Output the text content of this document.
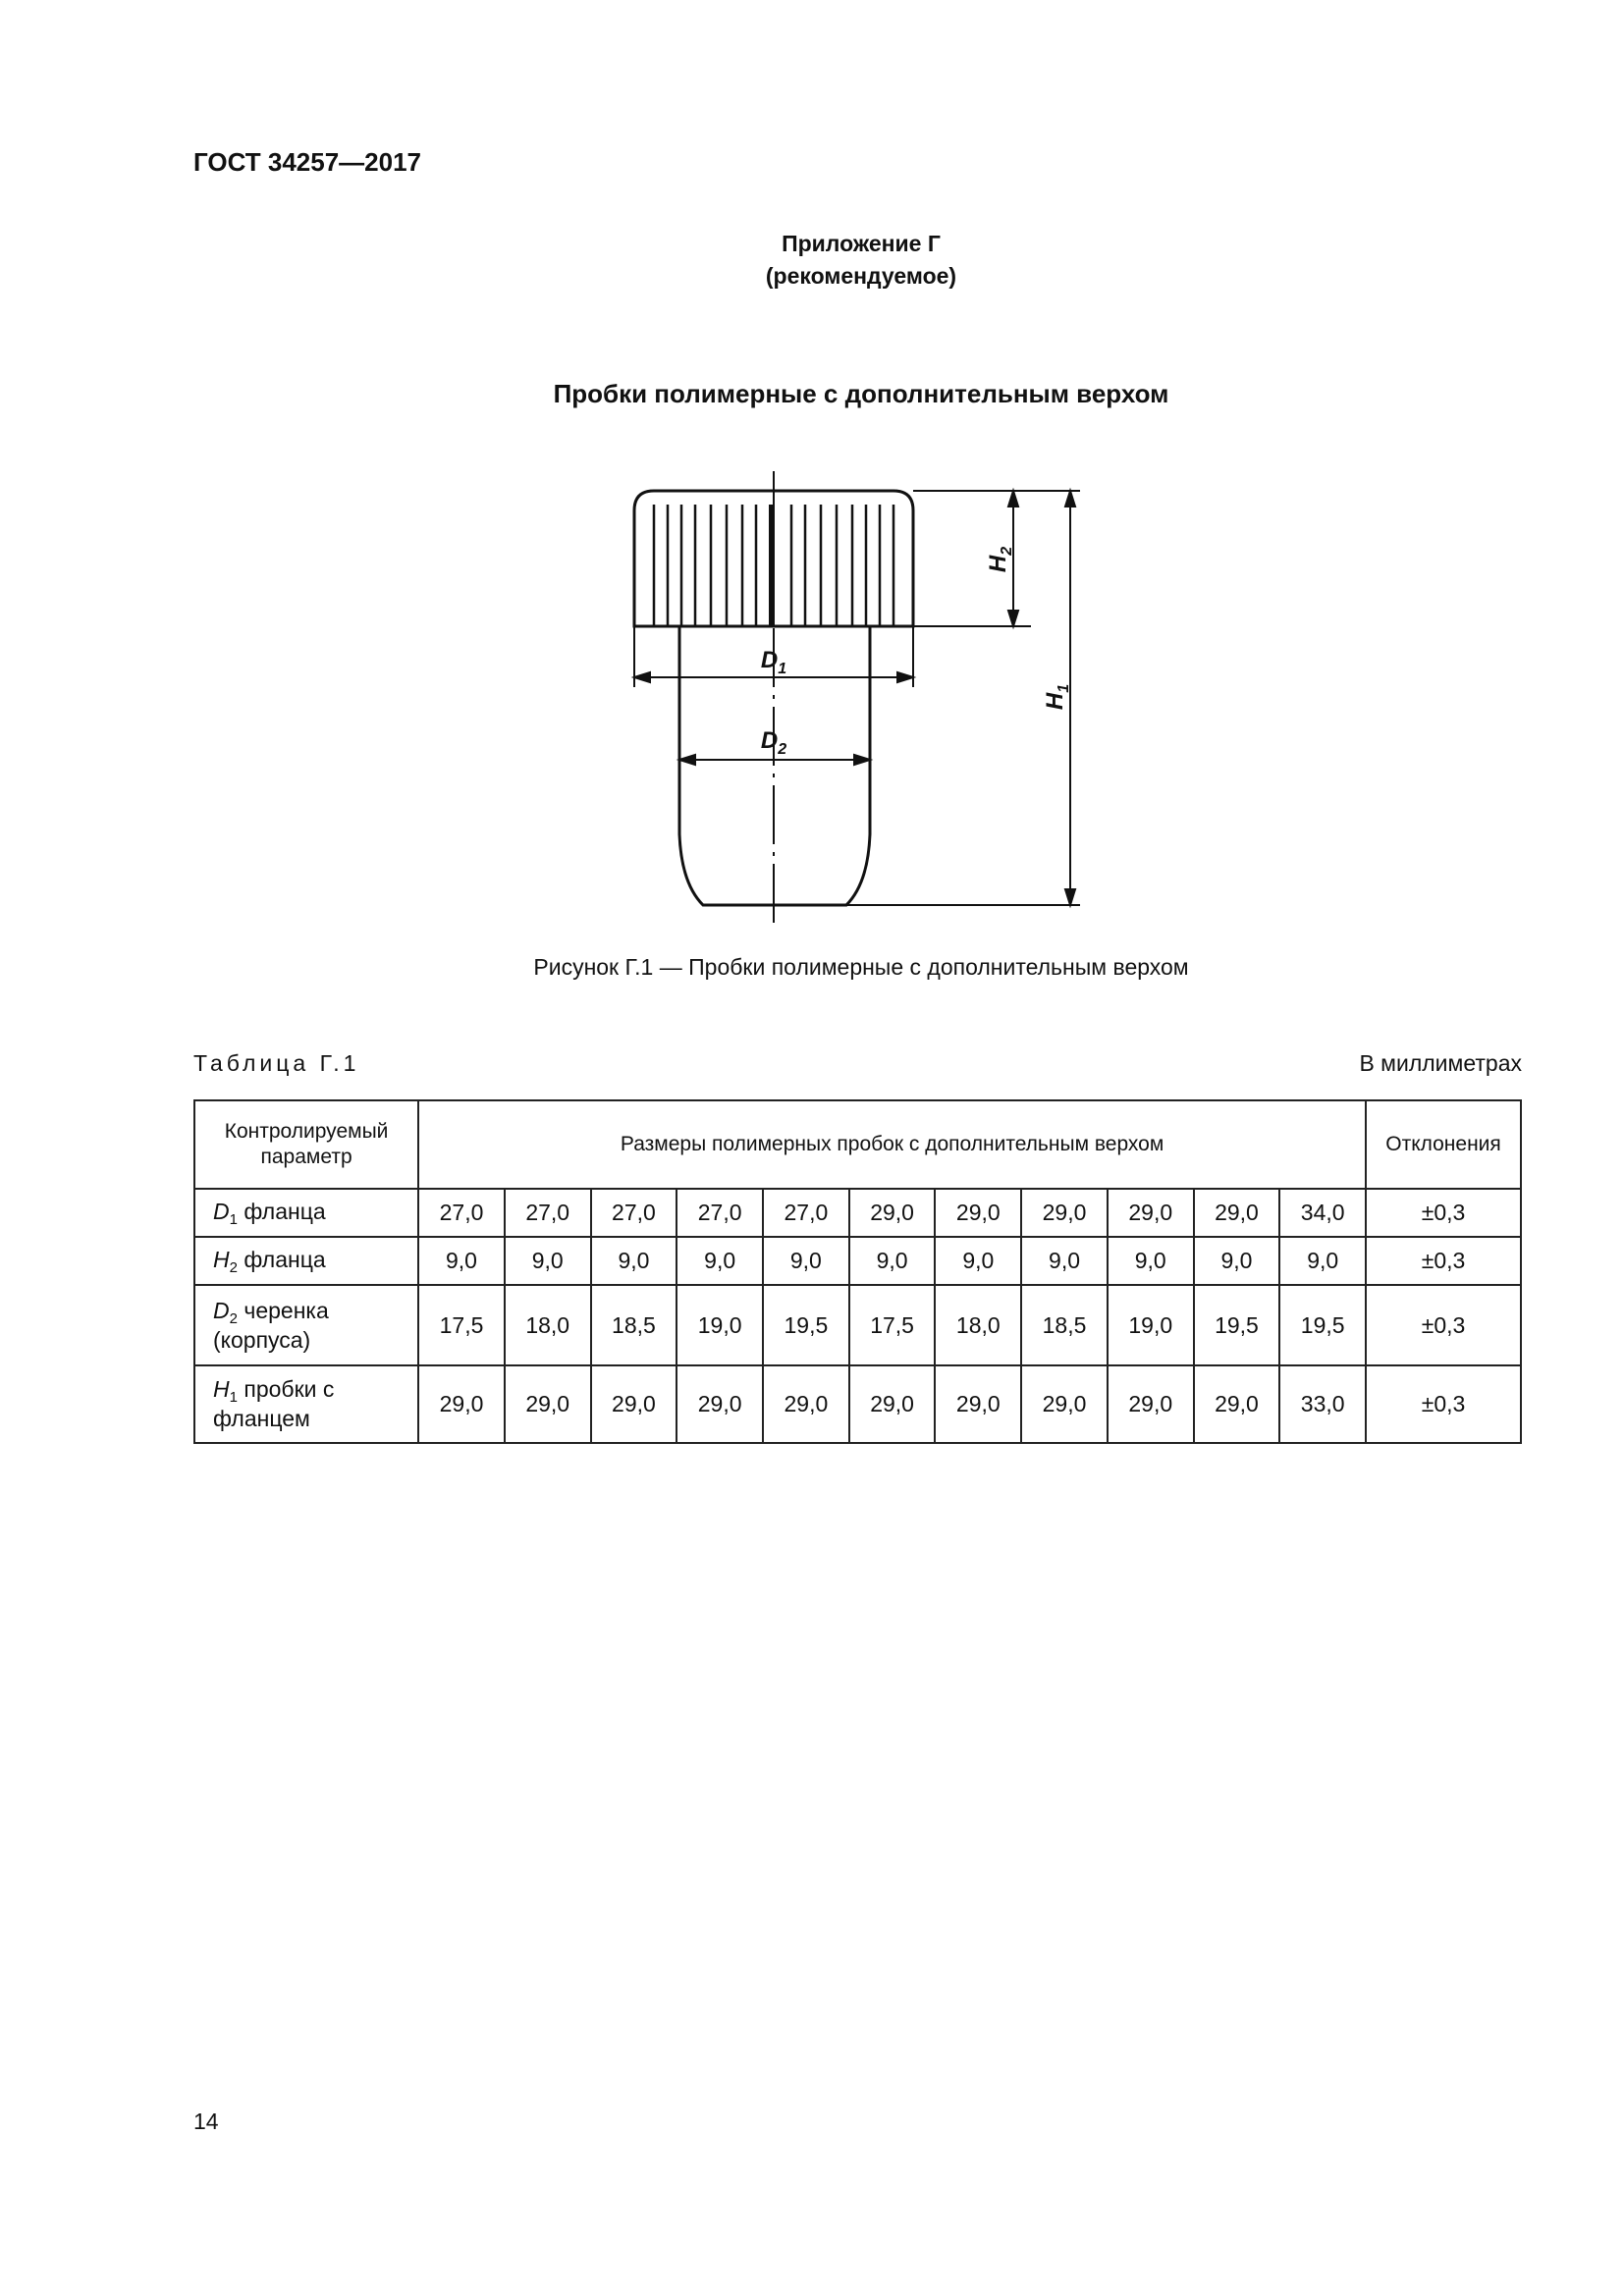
ГОСТ 34257—2017
Приложение Г
(рекомендуемое)
Пробки полимерные с дополнительным верхом
$D_1$
$D_2$
$H_2$
$H_1$
Рисунок Г.1 — Пробки полимерные с дополнительным верхом
Таблица Г.1	В миллиметрах
Контролируемый параметр	Размеры полимерных пробок с дополнительным верхом											Отклонения
$D_1$ фланца	27,0	27,0	27,0	27,0	27,0	29,0	29,0	29,0	29,0	29,0	34,0	±0,3
$H_2$ фланца	9,0	9,0	9,0	9,0	9,0	9,0	9,0	9,0	9,0	9,0	9,0	±0,3
$D_2$ черенка (корпуса)	17,5	18,0	18,5	19,0	19,5	17,5	18,0	18,5	19,0	19,5	19,5	±0,3
$H_1$ пробки с фланцем	29,0	29,0	29,0	29,0	29,0	29,0	29,0	29,0	29,0	29,0	33,0	±0,3
14
